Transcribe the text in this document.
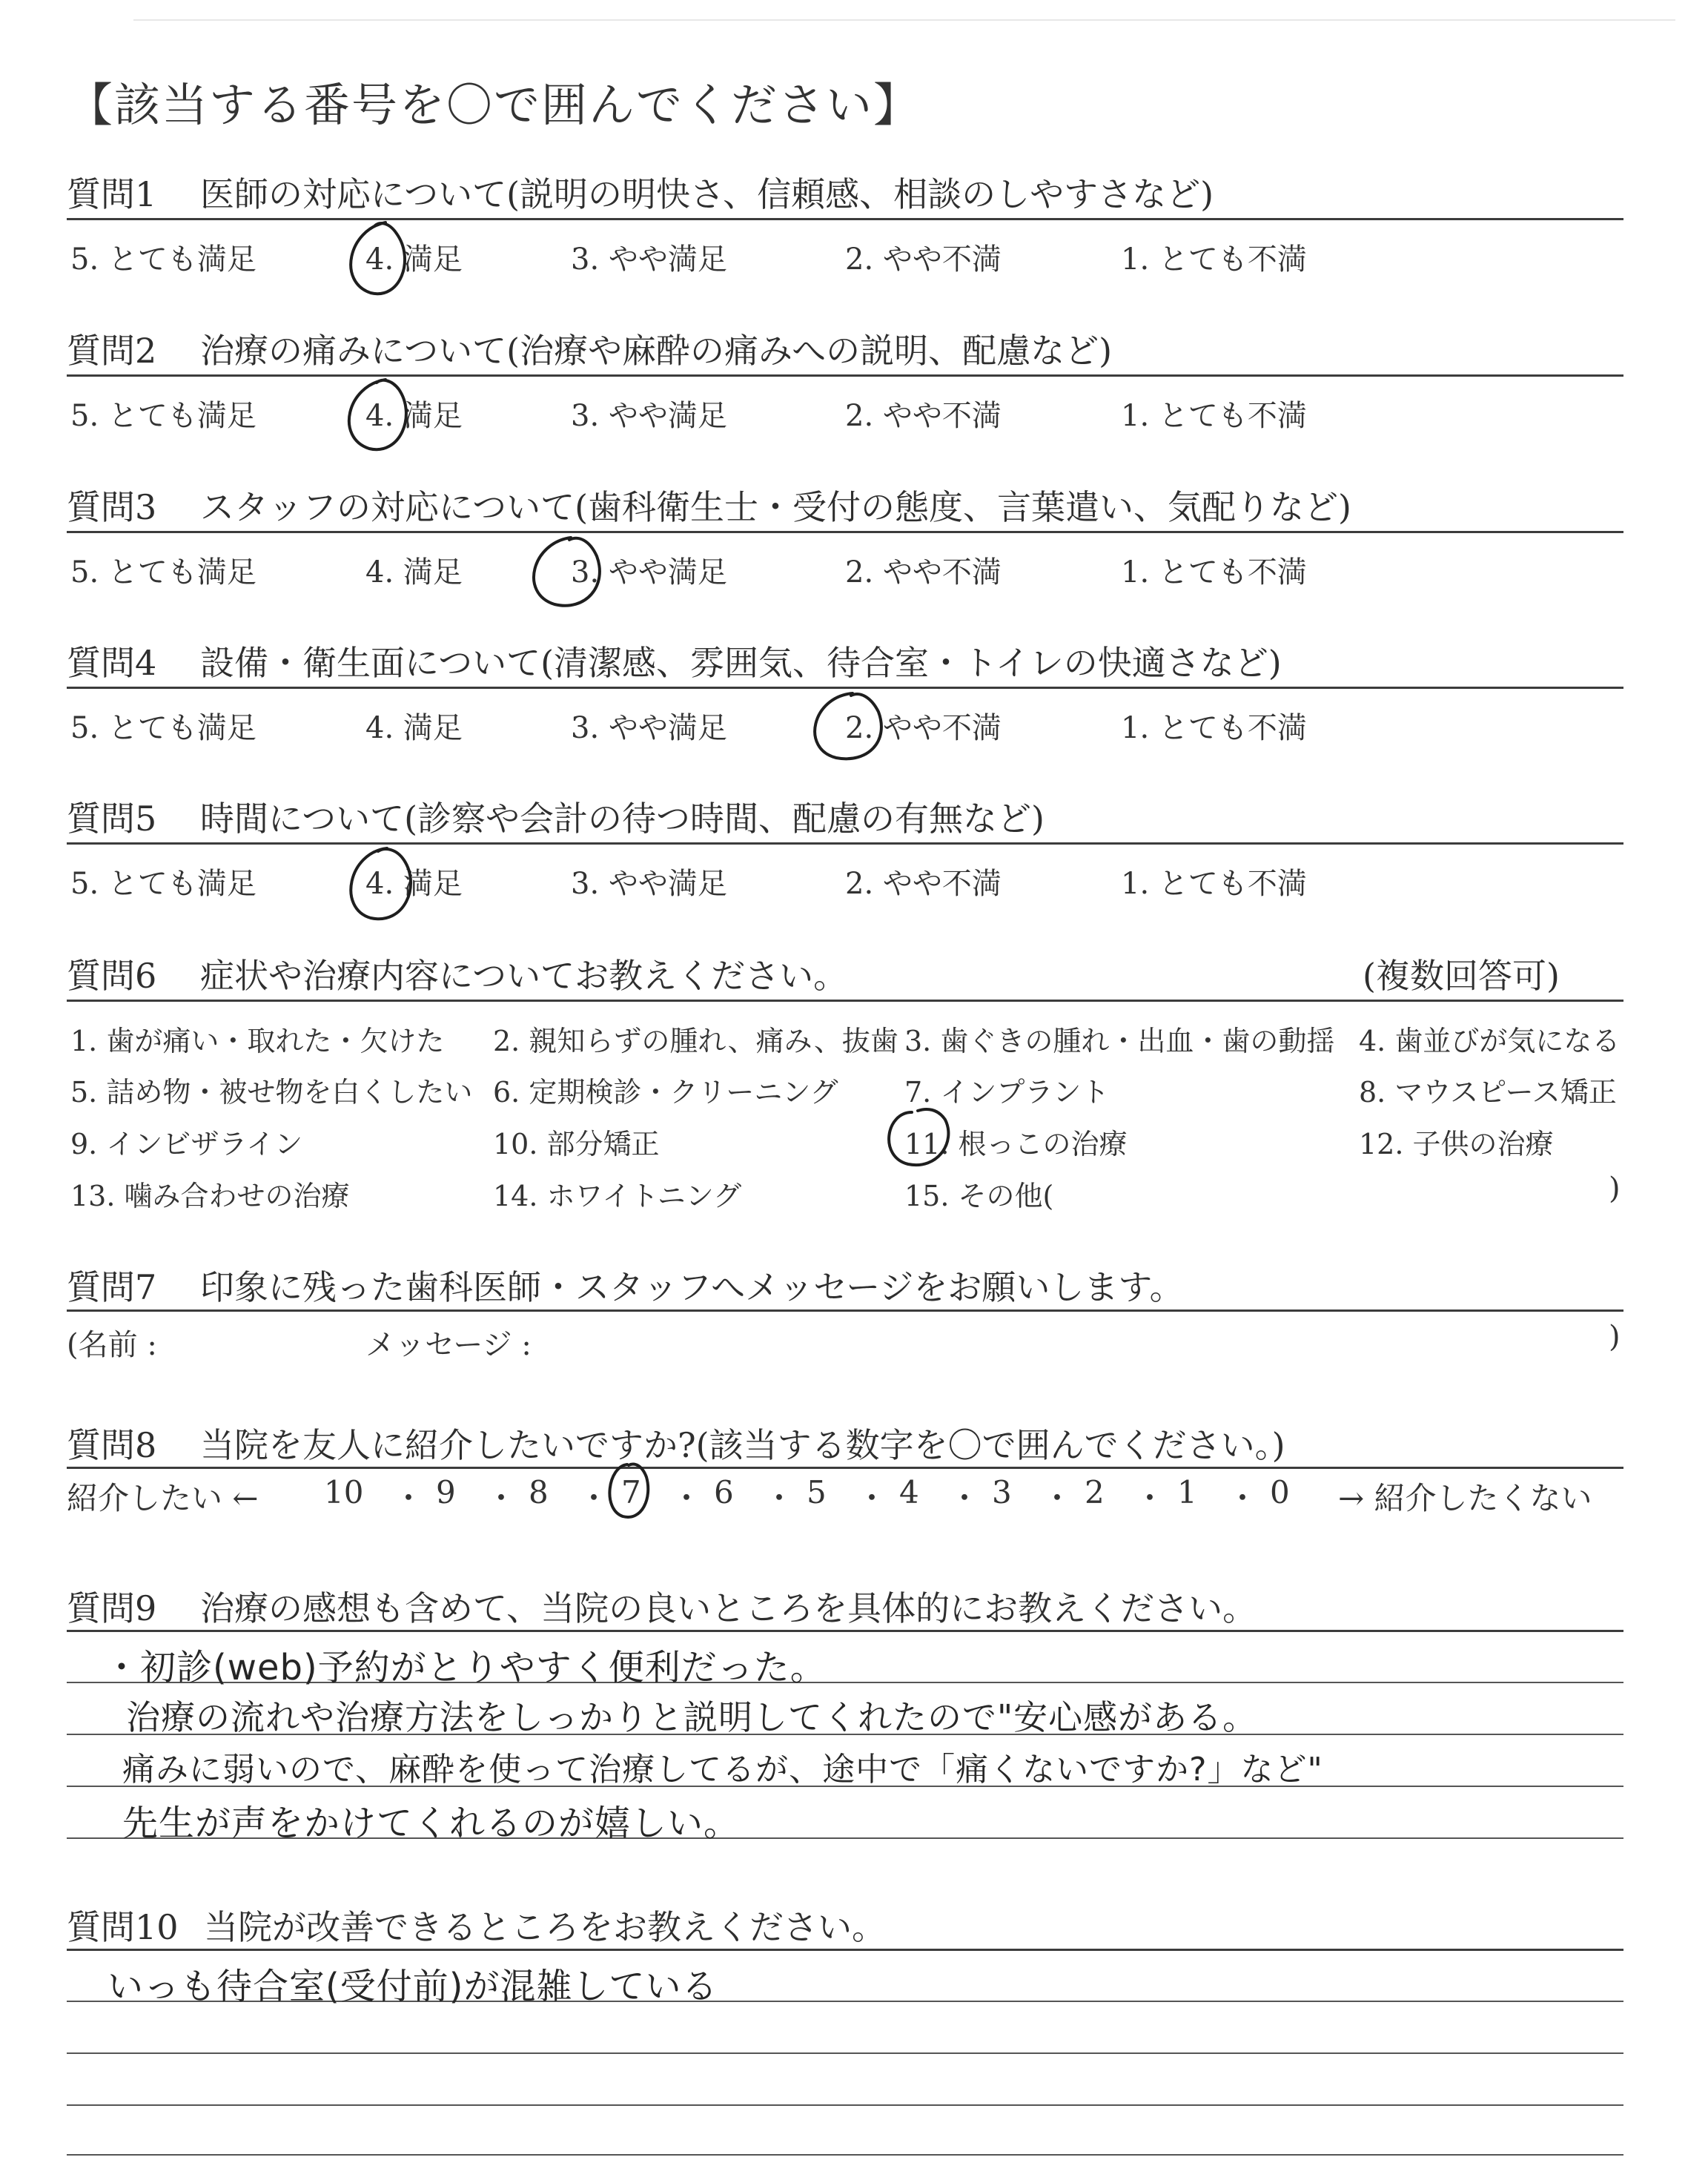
【該当する番号を〇で囲んでください】
質問1 医師の対応について(説明の明快さ、信頼感、相談のしやすさなど)
5. とても満足	4. 満足	3. やや満足	2. やや不満	1. とても不満
質問2 治療の痛みについて(治療や麻酔の痛みへの説明、配慮など)
5. とても満足	4. 満足	3. やや満足	2. やや不満	1. とても不満
質問3 スタッフの対応について(歯科衛生士・受付の態度、言葉遣い、気配りなど)
5. とても満足	4. 満足	3. やや満足	2. やや不満	1. とても不満
質問4 設備・衛生面について(清潔感、雰囲気、待合室・トイレの快適さなど)
5. とても満足	4. 満足	3. やや満足	2. やや不満	1. とても不満
質問5 時間について(診察や会計の待つ時間、配慮の有無など)
5. とても満足	4. 満足	3. やや満足	2. やや不満	1. とても不満
質問6 症状や治療内容についてお教えください。	(複数回答可)
1. 歯が痛い・取れた・欠けた 2. 親知らずの腫れ、痛み、抜歯 3. 歯ぐきの腫れ・出血・歯の動揺 4. 歯並びが気になる
5. 詰め物・被せ物を白くしたい 6. 定期検診・クリーニング 7. インプラント	8. マウスピース矯正
9. インビザライン	10. 部分矯正	11. 根っこの治療	12. 子供の治療
13. 噛み合わせの治療	14. ホワイトニング	15. その他(	)
質問7 印象に残った歯科医師・スタッフへメッセージをお願いします。
(名前 :	メッセージ :	)
質問8 当院を友人に紹介したいですか?(該当する数字を〇で囲んでください。)
紹介したい ← 10 ・ 9 ・ 8 ・ 7 ・ 6 ・ 5 ・ 4 ・ 3 ・ 2 ・ 1 ・ 0 → 紹介したくない
質問9 治療の感想も含めて、当院の良いところを具体的にお教えください。
・初診(web)予約がとりやすく便利だった。
治療の流れや治療方法をしっかりと説明してくれたので"安心感がある。
痛みに弱いので、麻酔を使って治療してるが、途中で「痛くないですか?」など"
先生が声をかけてくれるのが嬉しい。
質問10 当院が改善できるところをお教えください。
いっも待合室(受付前)が混雑している
